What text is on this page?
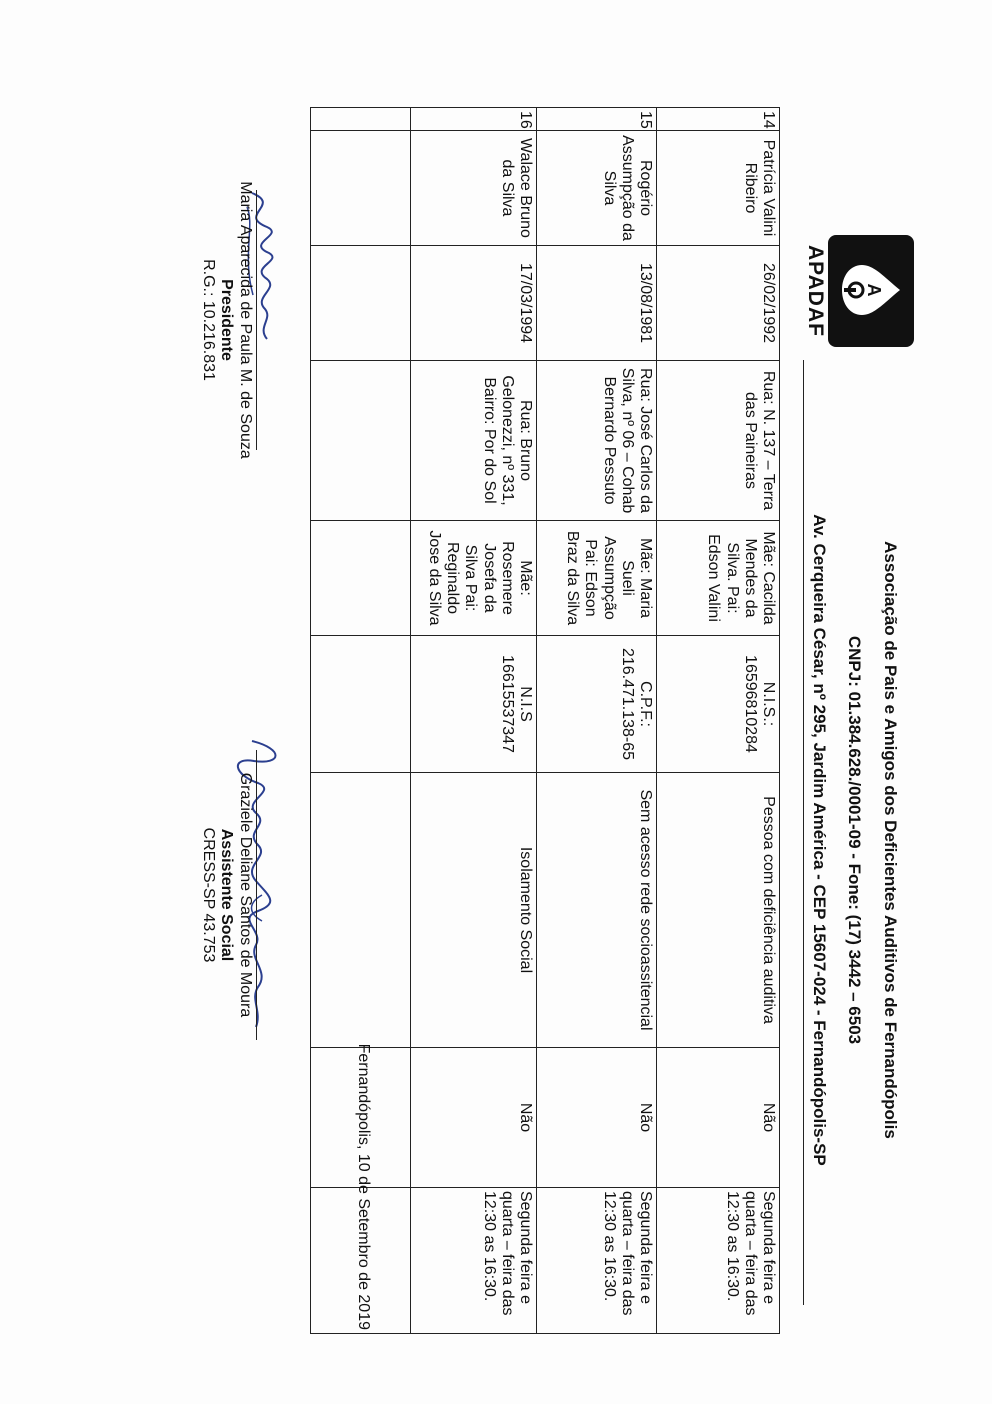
A
APADAF
Associação de Pais e Amigos dos Deficientes Auditivos de Fernandópolis
CNPJ: 01.384.628./0001-09 - Fone: (17) 3442 – 6503
Av. Cerqueira César, nº 295, Jardim América - CEP 15607-024 - Fernandópolis-SP
14	Patrícia Valini Ribeiro	26/02/1992	Rua: N. 137 – Terra das Paineiras	Mãe: Cacilda Mendes da Silva. Pai: Edson Valini	N.I.S.: 16596810284	Pessoa com deficiência auditiva	Não	Segunda feira e quarta – feira das 12:30 as 16:30.
15	Rogério Assumpção da Silva	13/08/1981	Rua: José Carlos da Silva, nº 06 – Cohab Bernardo Pessuto	Mãe: Maria Sueli Assumpção Pai: Edson Braz da Silva	C.P.F.: 216.471.138-65	Sem acesso rede socioassitencial	Não	Segunda feira e quarta – feira das 12:30 as 16:30.
16	Walace Bruno da Silva	17/03/1994	Rua: Bruno Gelonezzi, nº 331, Bairro: Por do Sol	Mãe: Rosemere Josefa da Silva Pai: Reginaldo Jose da Silva	N.I.S 16615537347	Isolamento Social	Não	Segunda feira e quarta – feira das 12:30 as 16:30.

Fernandópolis, 10 de Setembro de 2019
Maria Aparecida de Paula M. de Souza
Presidente
R.G.: 10.216.831
Graziele Deliane Santos de Moura
Assistente Social
CRESS-SP 43.753
